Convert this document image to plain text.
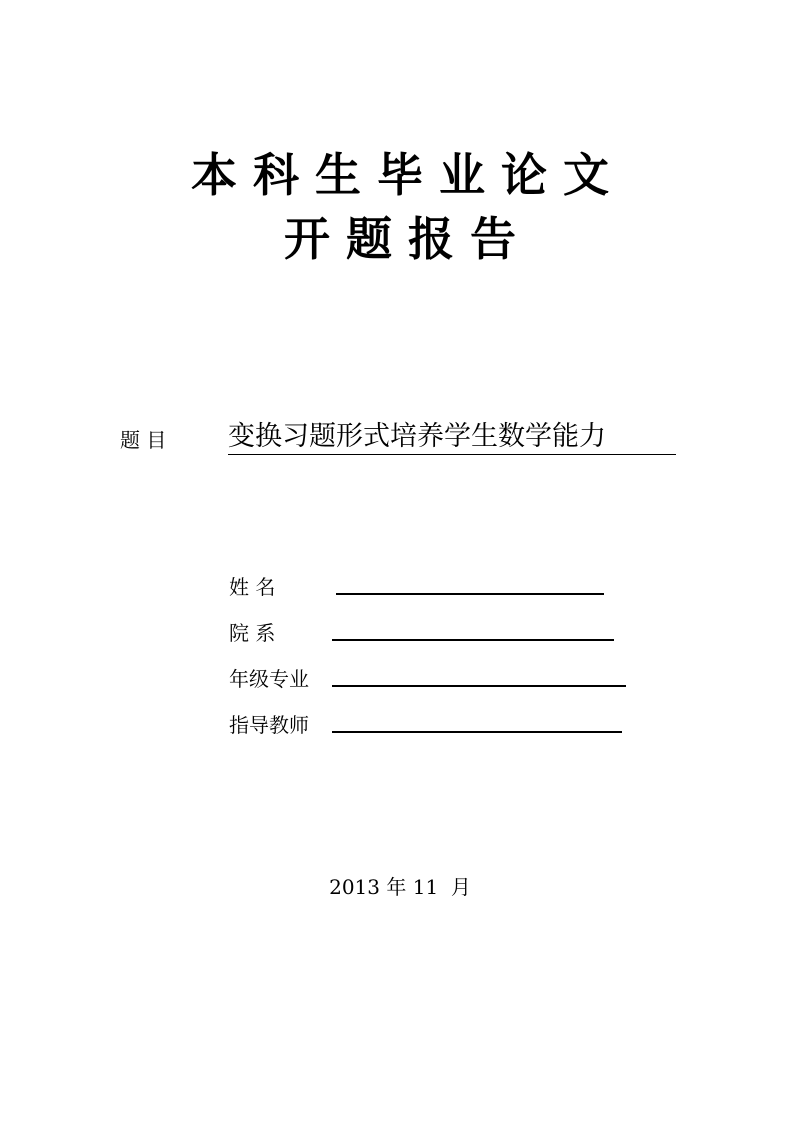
本 科 生 毕 业 论 文
开 题 报 告
题 目 变换习题形式培养学生数学能力
姓 名
院 系
年级专业
指导教师
2013 年 11  月
